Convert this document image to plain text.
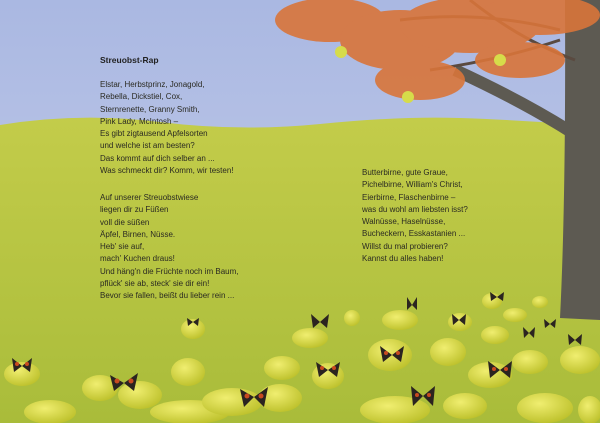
Streuobst-Rap
Elstar, Herbstprinz, Jonagold,
Rebella, Dickstiel, Cox,
Sternrenette, Granny Smith,
Pink Lady, McIntosh –
Es gibt zigtausend Apfelsorten
und welche ist am besten?
Das kommt auf dich selber an ...
Was schmeckt dir? Komm, wir testen!
Auf unserer Streuobstwiese
liegen dir zu Füßen
voll die süßen
Äpfel, Birnen, Nüsse.
Heb' sie auf,
mach' Kuchen draus!
Und häng'n die Früchte noch im Baum,
pflück' sie ab, steck' sie dir ein!
Bevor sie fallen, beißt du lieber rein ...
Butterbirne, gute Graue,
Pichelbirne, William's Christ,
Eierbirne, Flaschenbirne –
was du wohl am liebsten isst?
Walnüsse, Haselnüsse,
Bucheckern, Esskastanien ...
Willst du mal probieren?
Kannst du alles haben!
